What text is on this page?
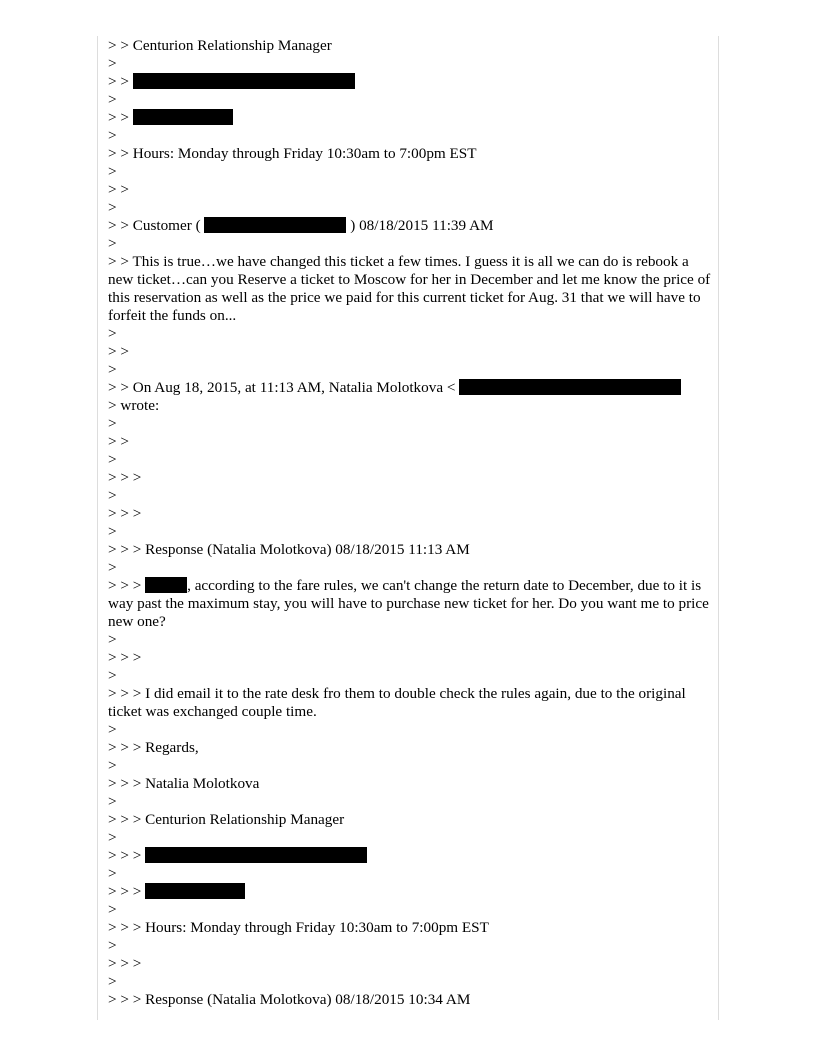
> > Centurion Relationship Manager
>
> >
>
> >
>
> > Hours: Monday through Friday 10:30am to 7:00pm EST
>
> >
>
> > Customer (	) 08/18/2015 11:39 AM
>
> > This is true…we have changed this ticket a few times. I guess it is all we can do is rebook a new ticket…can you Reserve a ticket to Moscow for her in December and let me know the price of this reservation as well as the price we paid for this current ticket for Aug. 31 that we will have to forfeit the funds on...
>
> >
>
> > On Aug 18, 2015, at 11:13 AM, Natalia Molotkova <
> wrote:
>
> >
>
> > >
>
> > >
>
> > > Response (Natalia Molotkova) 08/18/2015 11:13 AM
>
> > >	, according to the fare rules, we can't change the return date to December, due to it is way past the maximum stay, you will have to purchase new ticket for her. Do you want me to price new one?
>
> > >
>
> > > I did email it to the rate desk fro them to double check the rules again, due to the original ticket was exchanged couple time.
>
> > > Regards,
>
> > > Natalia Molotkova
>
> > > Centurion Relationship Manager
>
> > >
>
> > >
>
> > > Hours: Monday through Friday 10:30am to 7:00pm EST
>
> > >
>
> > > Response (Natalia Molotkova) 08/18/2015 10:34 AM
